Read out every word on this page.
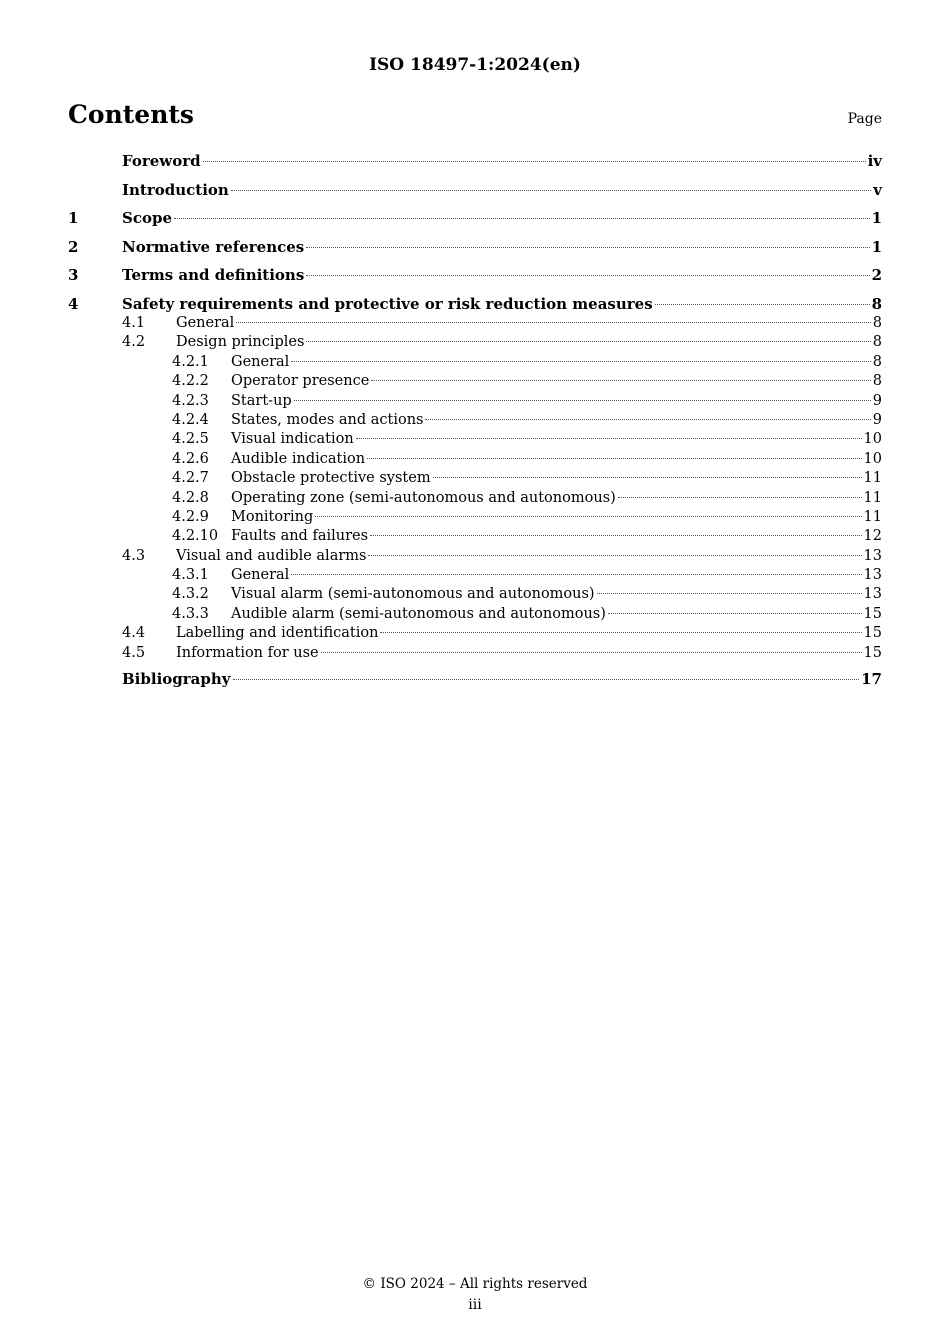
ISO 18497-1:2024(en)
Contents	Page
Foreword	iv
Introduction	v
1	Scope	1
2	Normative references	1
3	Terms and definitions	2
4	Safety requirements and protective or risk reduction measures	8
4.1	General	8
4.2	Design principles	8
4.2.1	General	8
4.2.2	Operator presence	8
4.2.3	Start-up	9
4.2.4	States, modes and actions	9
4.2.5	Visual indication	10
4.2.6	Audible indication	10
4.2.7	Obstacle protective system	11
4.2.8	Operating zone (semi-autonomous and autonomous)	11
4.2.9	Monitoring	11
4.2.10 Faults and failures	12
4.3	Visual and audible alarms	13
4.3.1	General	13
4.3.2	Visual alarm (semi-autonomous and autonomous)	13
4.3.3	Audible alarm (semi-autonomous and autonomous)	15
4.4	Labelling and identification	15
4.5	Information for use	15
Bibliography	17
© ISO 2024 – All rights reserved
iii
